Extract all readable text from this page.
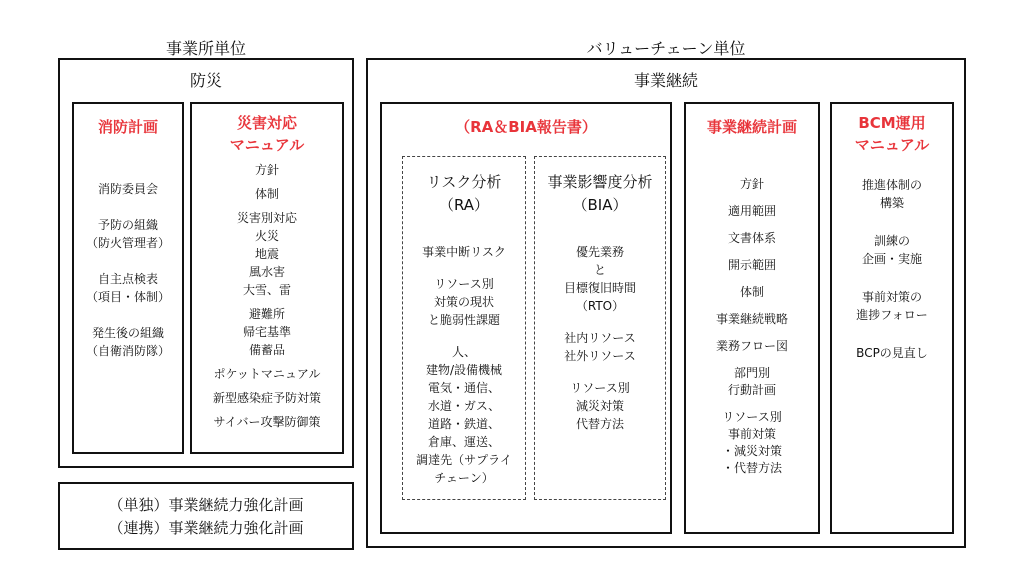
事業所単位	バリューチェーン単位
防災
消防計画
消防委員会
予防の組織
（防火管理者）
自主点検表
（項目・体制）
発生後の組織
（自衛消防隊）
災害対応
マニュアル
方針
体制
災害別対応
火災
地震
風水害
大雪、雷
避難所
帰宅基準
備蓄品
ポケットマニュアル
新型感染症予防対策
サイバー攻撃防御策
（単独）事業継続力強化計画
（連携）事業継続力強化計画
事業継続
（RA＆BIA報告書）
リスク分析
（RA）
事業中断リスク
リソース別
対策の現状
と脆弱性課題
人、
建物/設備機械
電気・通信、
水道・ガス、
道路・鉄道、
倉庫、運送、
調達先（サプライ
チェーン）
事業影響度分析
（BIA）
優先業務
と
目標復旧時間
（RTO）
社内リソース
社外リソース
リソース別
減災対策
代替方法
事業継続計画
方針
適用範囲
文書体系
開示範囲
体制
事業継続戦略
業務フロー図
部門別
行動計画
リソース別
事前対策
・減災対策
・代替方法
BCM運用
マニュアル
推進体制の
構築
訓練の
企画・実施
事前対策の
進捗フォロー
BCPの見直し
